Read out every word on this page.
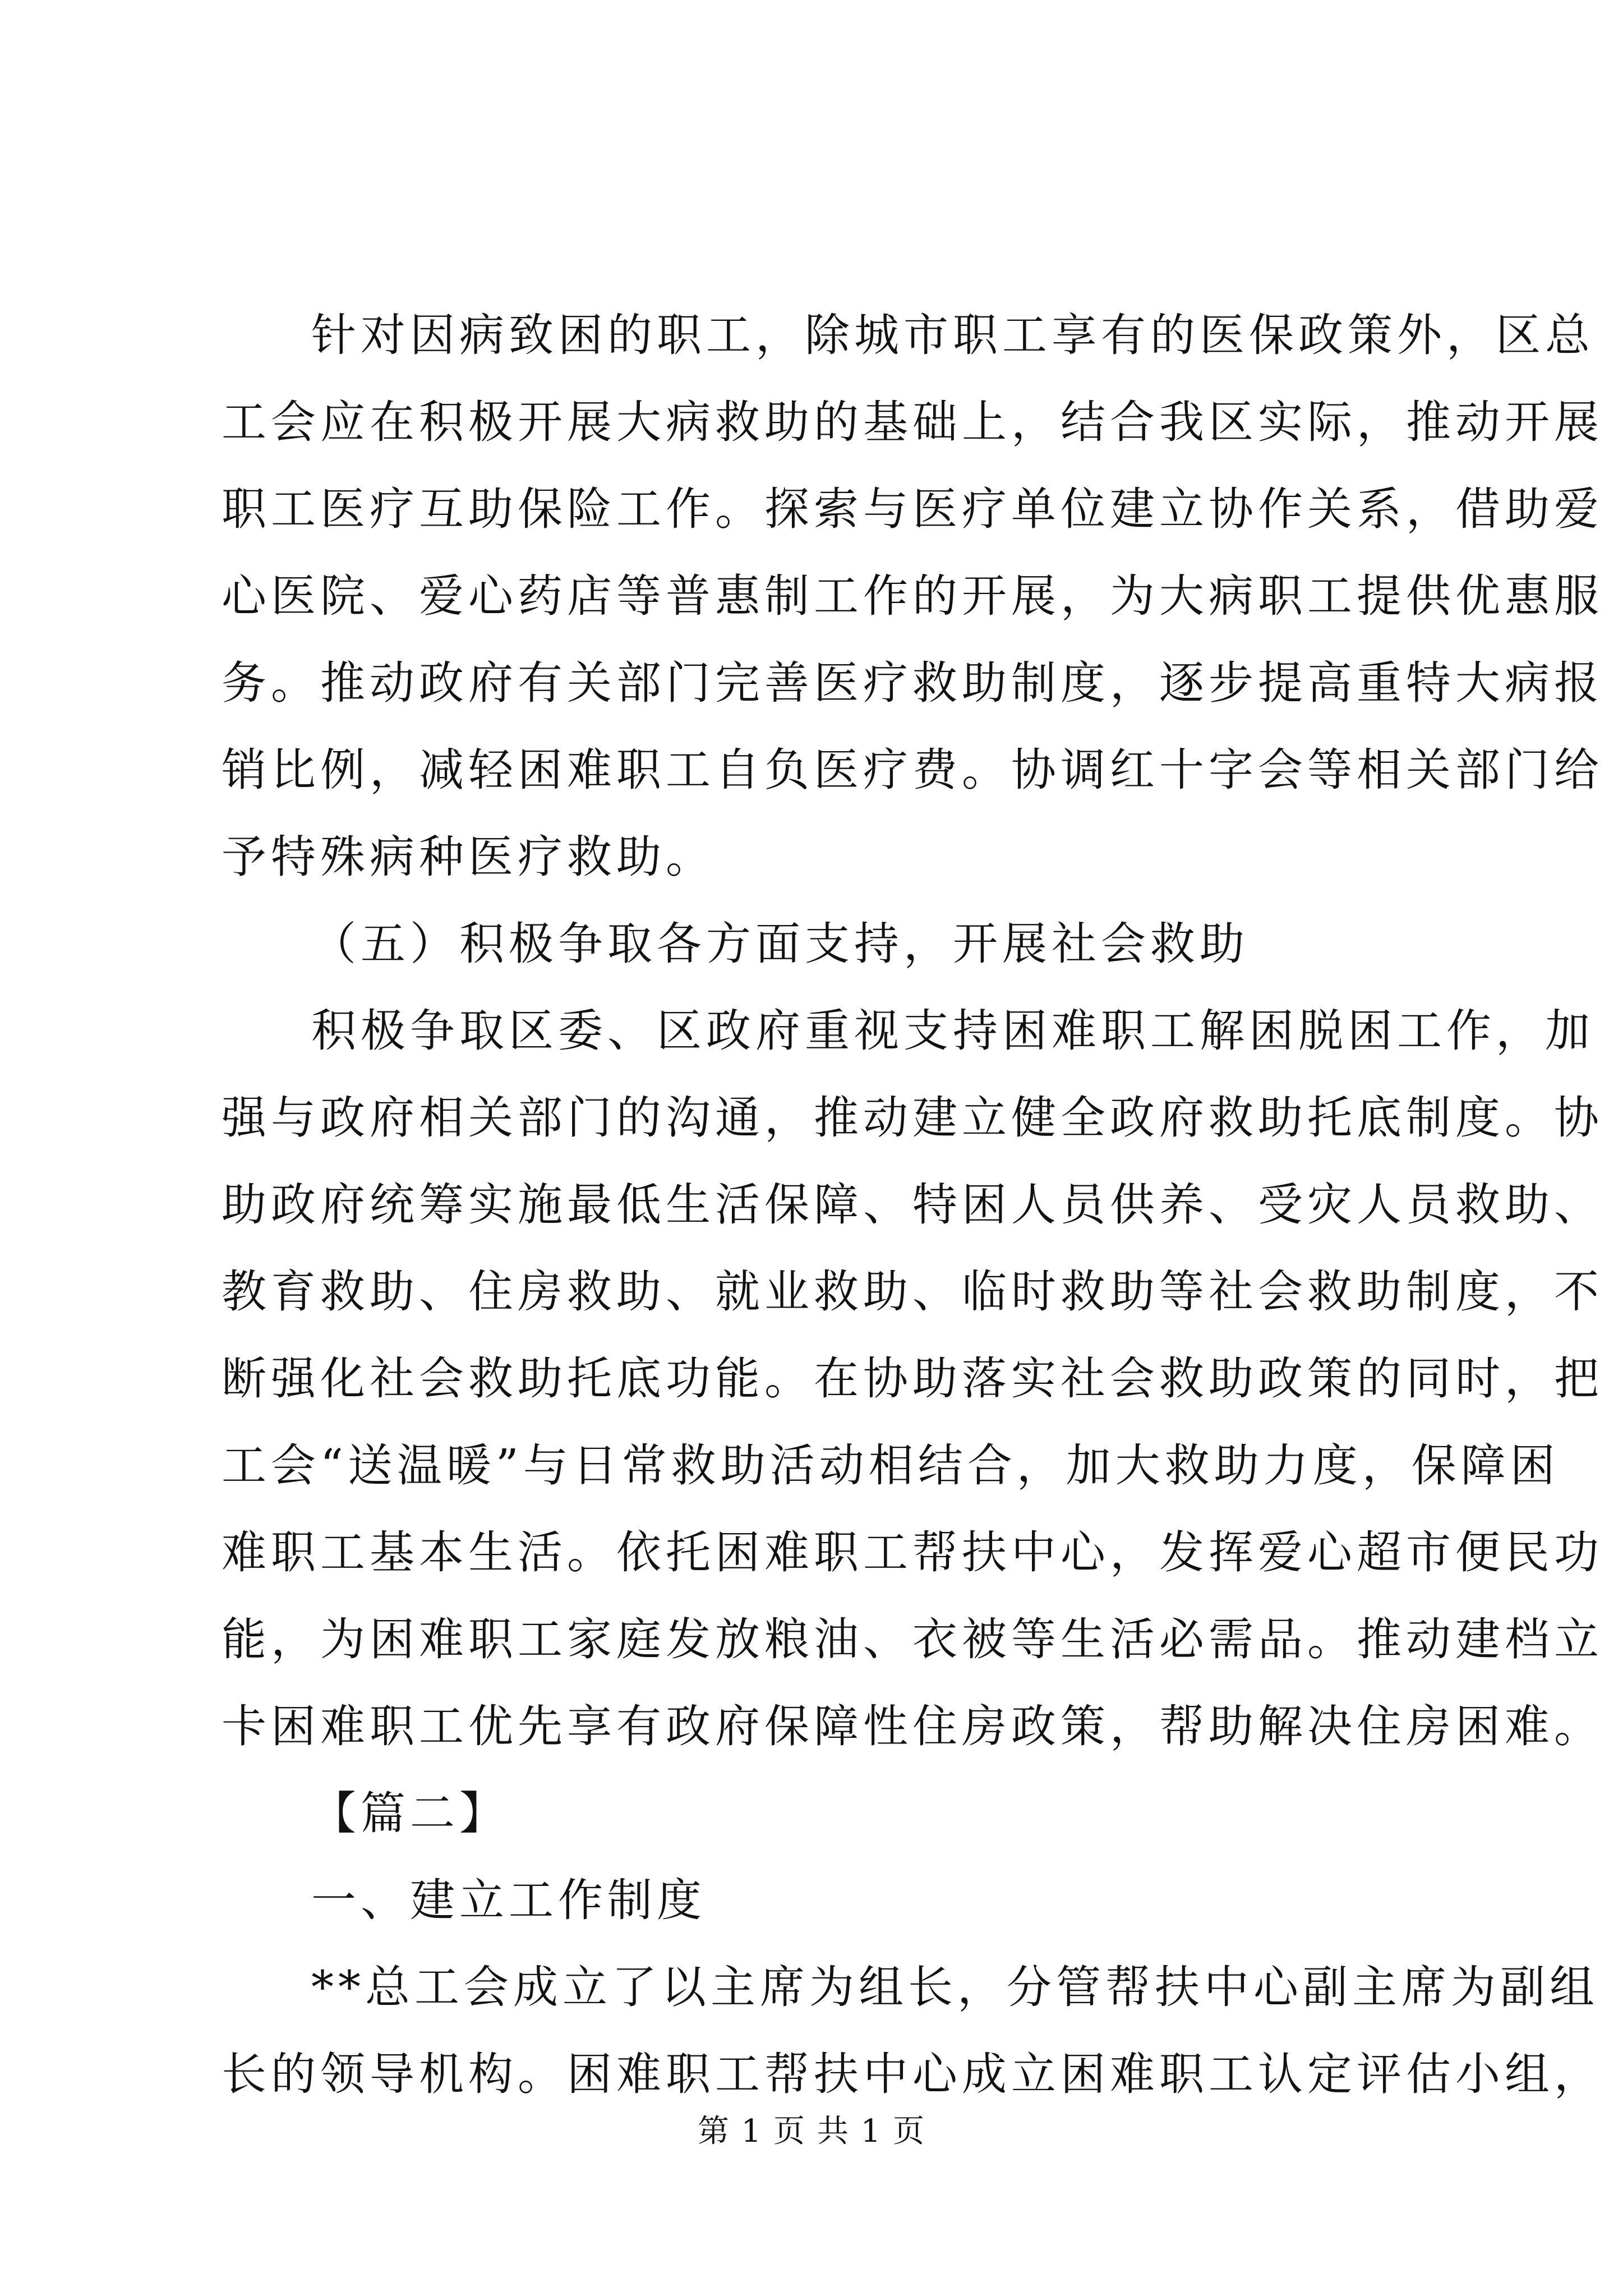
针对因病致困的职工，除城市职工享有的医保政策外，区总
工会应在积极开展大病救助的基础上，结合我区实际，推动开展
职工医疗互助保险工作。探索与医疗单位建立协作关系，借助爱
心医院、爱心药店等普惠制工作的开展，为大病职工提供优惠服
务。推动政府有关部门完善医疗救助制度，逐步提高重特大病报
销比例，减轻困难职工自负医疗费。协调红十字会等相关部门给
予特殊病种医疗救助。
（五）积极争取各方面支持，开展社会救助
积极争取区委、区政府重视支持困难职工解困脱困工作，加
强与政府相关部门的沟通，推动建立健全政府救助托底制度。协
助政府统筹实施最低生活保障、特困人员供养、受灾人员救助、
教育救助、住房救助、就业救助、临时救助等社会救助制度，不
断强化社会救助托底功能。在协助落实社会救助政策的同时，把
工会“送温暖”与日常救助活动相结合，加大救助力度，保障困
难职工基本生活。依托困难职工帮扶中心，发挥爱心超市便民功
能，为困难职工家庭发放粮油、衣被等生活必需品。推动建档立
卡困难职工优先享有政府保障性住房政策，帮助解决住房困难。
【篇二】
一、建立工作制度
**总工会成立了以主席为组长，分管帮扶中心副主席为副组
长的领导机构。困难职工帮扶中心成立困难职工认定评估小组，
第 1 页 共 1 页
